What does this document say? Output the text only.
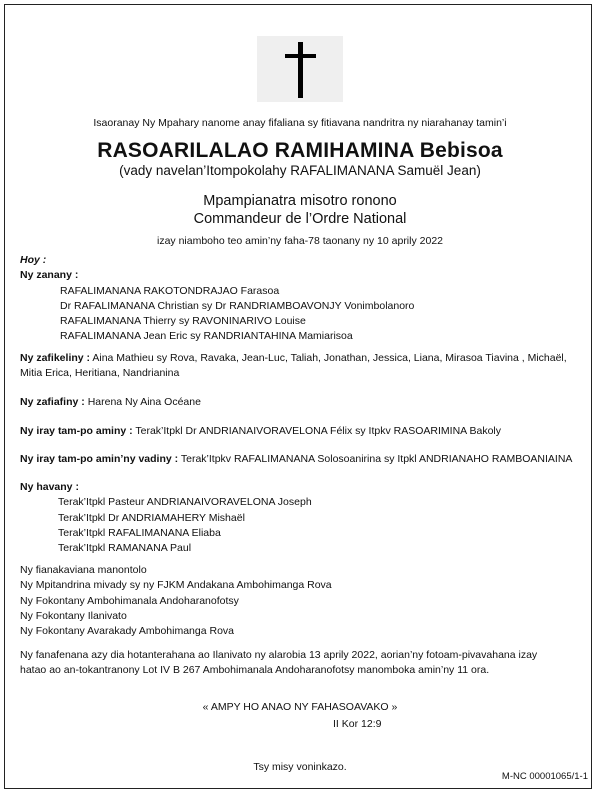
Isaoranay Ny Mpahary nanome anay fifaliana sy fitiavana nandritra ny niarahanay tamin’i
RASOARILALAO RAMIHAMINA Bebisoa
(vady navelan’Itompokolahy RAFALIMANANA Samuël Jean)
Mpampianatra misotro ronono
Commandeur de l’Ordre National
izay niamboho teo amin’ny faha-78 taonany ny 10 aprily 2022
Hoy :
Ny zanany :
RAFALIMANANA RAKOTONDRAJAO Farasoa
Dr RAFALIMANANA Christian sy Dr RANDRIAMBOAVONJY Vonimbolanoro
RAFALIMANANA Thierry sy RAVONINARIVO Louise
RAFALIMANANA Jean Eric sy RANDRIANTAHINA Mamiarisoa
Ny zafikeliny : Aina Mathieu sy Rova, Ravaka, Jean-Luc, Taliah, Jonathan, Jessica, Liana, Mirasoa Tiavina , Michaël,
Mitia Erica, Heritiana, Nandrianina
Ny zafiafiny : Harena Ny Aina Océane
Ny iray tam-po aminy : Terak’Itpkl Dr ANDRIANAIVORAVELONA Félix sy Itpkv RASOARIMINA Bakoly
Ny iray tam-po amin’ny vadiny : Terak’Itpkv RAFALIMANANA Solosoanirina sy Itpkl ANDRIANAHO RAMBOANIAINA
Ny havany :
Terak’Itpkl Pasteur ANDRIANAIVORAVELONA Joseph
Terak’Itpkl Dr ANDRIAMAHERY Mishaël
Terak’Itpkl RAFALIMANANA Eliaba
Terak’Itpkl RAMANANA Paul
Ny fianakaviana manontolo
Ny Mpitandrina mivady sy ny FJKM Andakana Ambohimanga Rova
Ny Fokontany Ambohimanala Andoharanofotsy
Ny Fokontany Ilanivato
Ny Fokontany Avarakady Ambohimanga Rova
Ny fanafenana azy dia hotanterahana ao Ilanivato ny alarobia 13 aprily 2022, aorian’ny fotoam-pivavahana izay
hatao ao an-tokantranony Lot IV B 267 Ambohimanala Andoharanofotsy manomboka amin’ny 11 ora.
« AMPY HO ANAO NY FAHASOAVAKO »
II Kor 12:9
Tsy misy voninkazo.
M-NC 00001065/1-1
